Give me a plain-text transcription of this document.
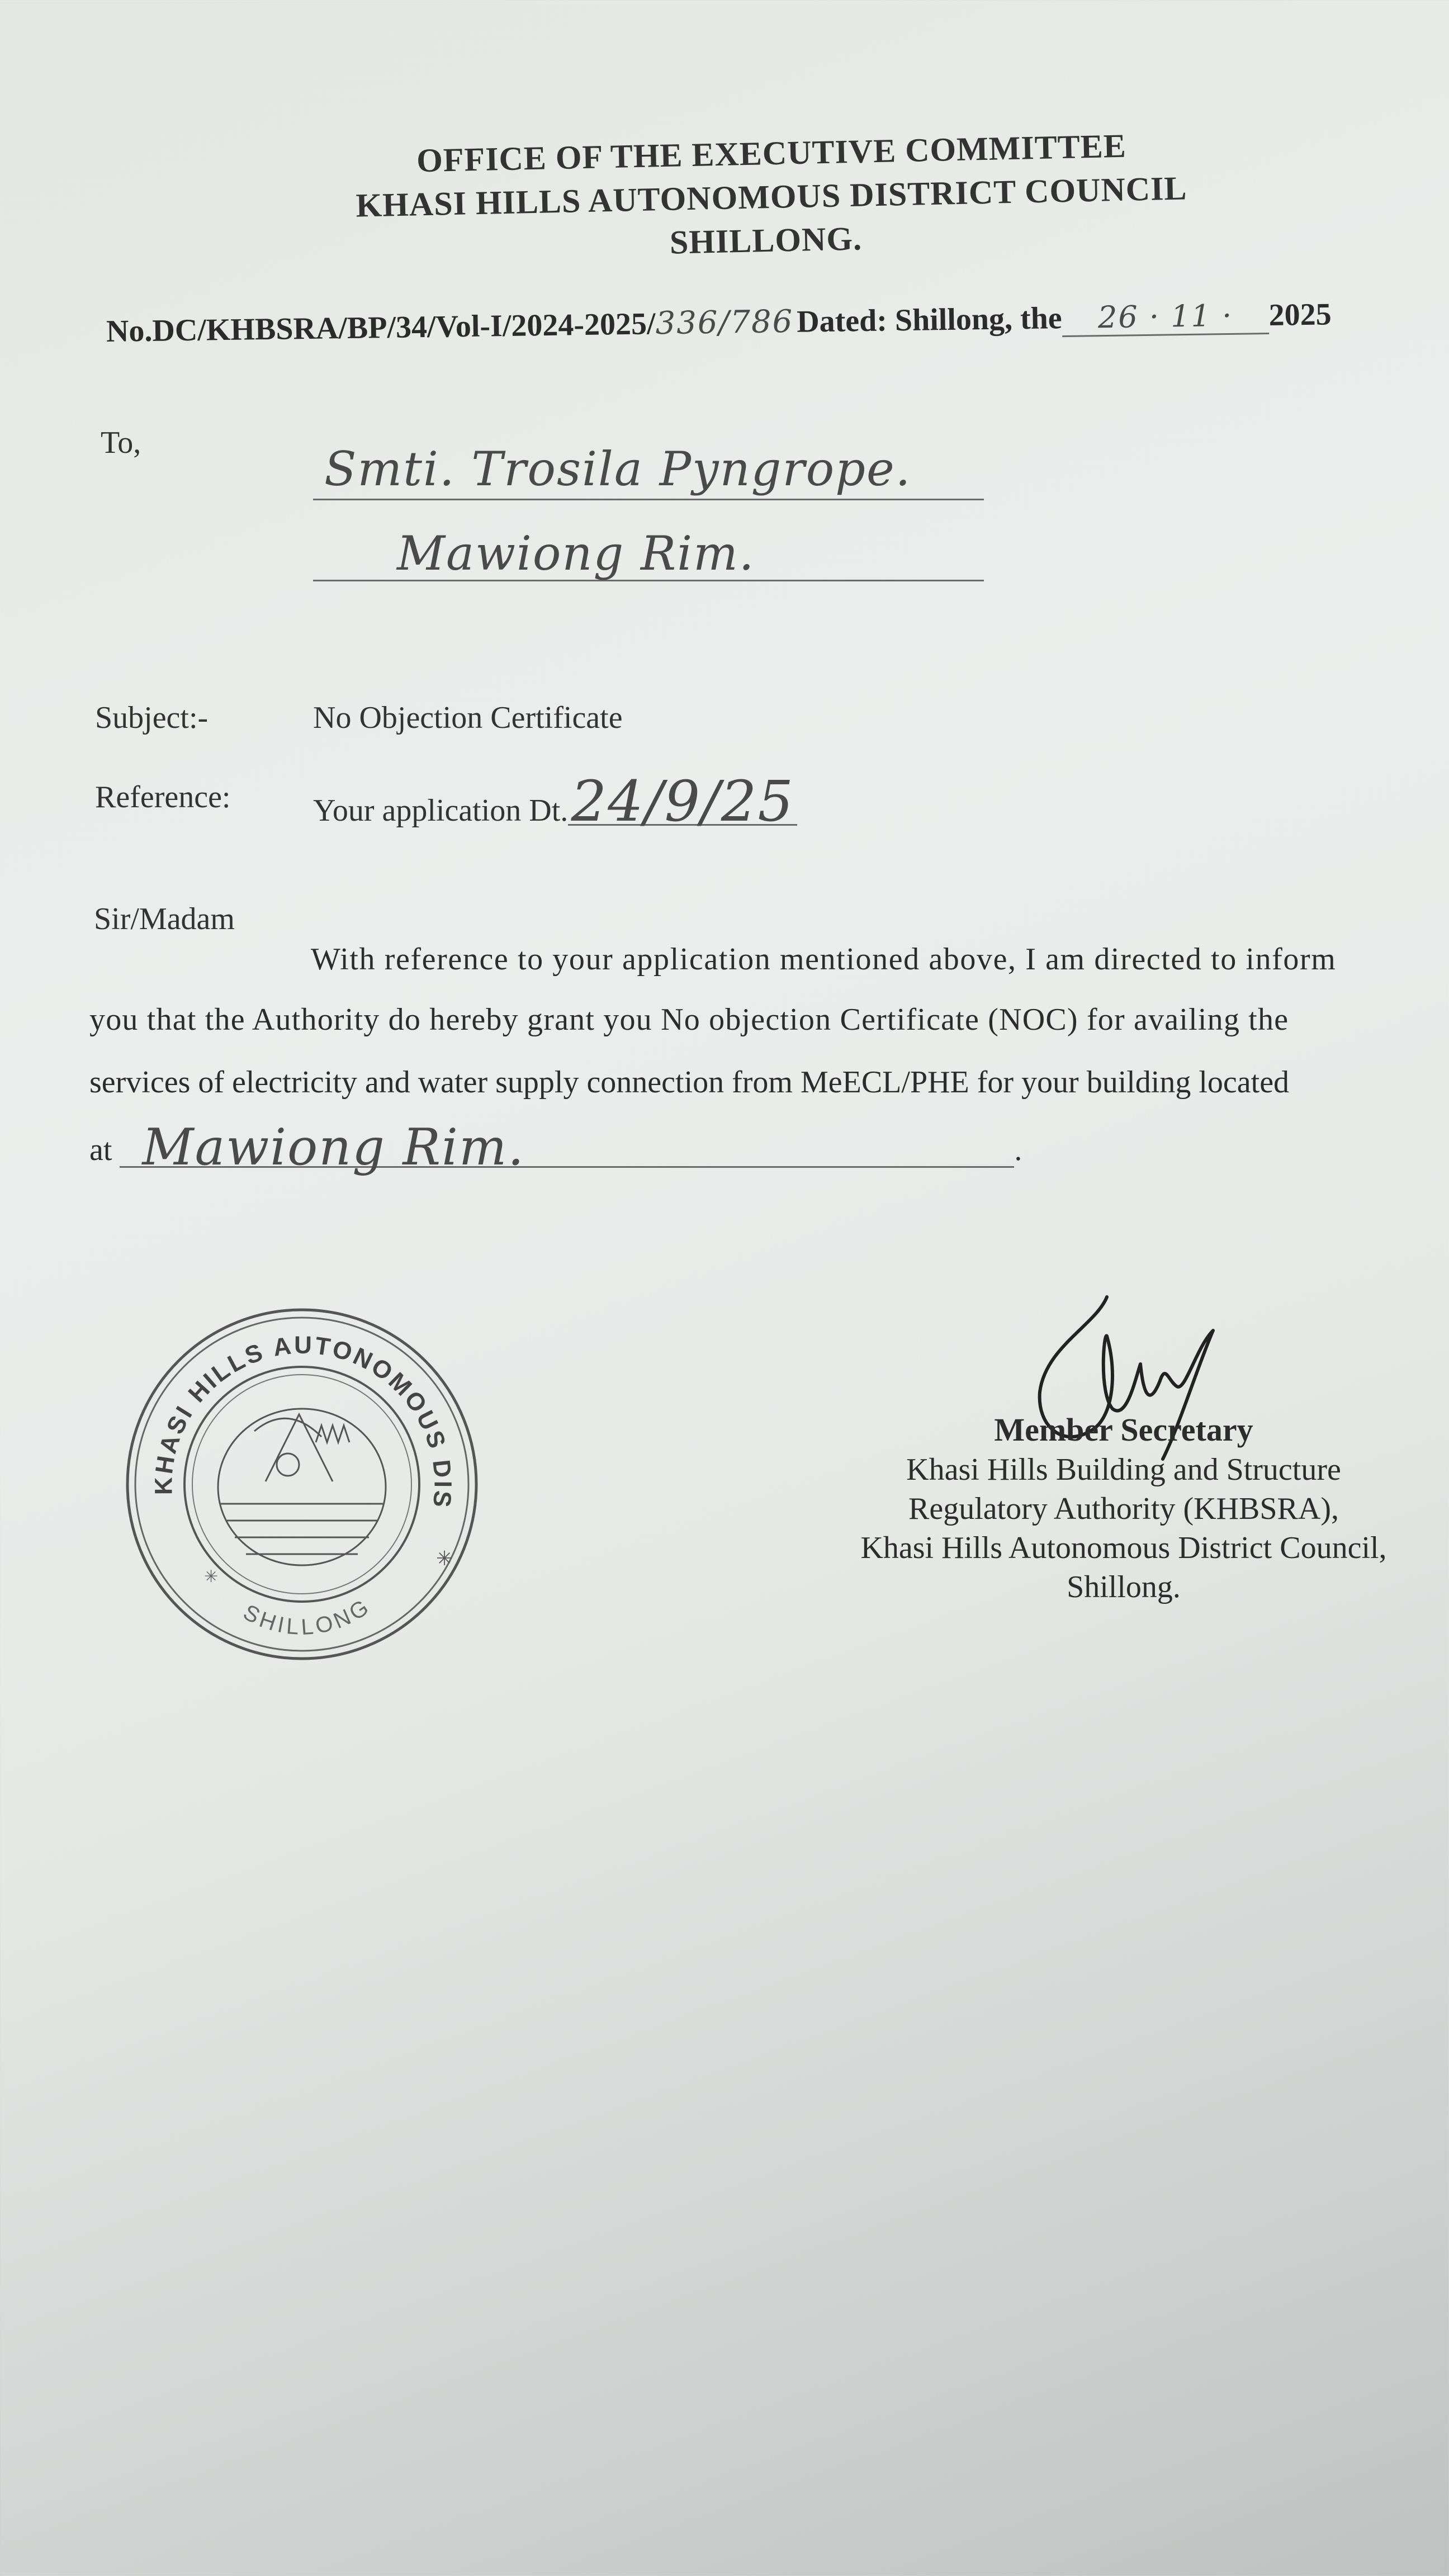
OFFICE OF THE EXECUTIVE COMMITTEE
KHASI HILLS AUTONOMOUS DISTRICT COUNCIL
SHILLONG.
No.DC/KHBSRA/BP/34/Vol-I/2024-2025/336/786Dated: Shillong, the 26 · 11 · 2025
To,	Smti. Trosila Pyngrope.
Mawiong Rim.
Subject:-	No Objection Certificate
Reference:	Your application Dt.24/9/25
Sir/Madam
With reference to your application mentioned above, I am directed to inform
you that the Authority do hereby grant you No objection Certificate (NOC) for availing the
services of electricity and water supply connection from MeECL/PHE for your building located
at Mawiong Rim.	.
KHASI HILLS AUTONOMOUS DIS
SHILLONG
✳
✳
Member Secretary
Khasi Hills Building and Structure
Regulatory Authority (KHBSRA),
Khasi Hills Autonomous District Council,
Shillong.
